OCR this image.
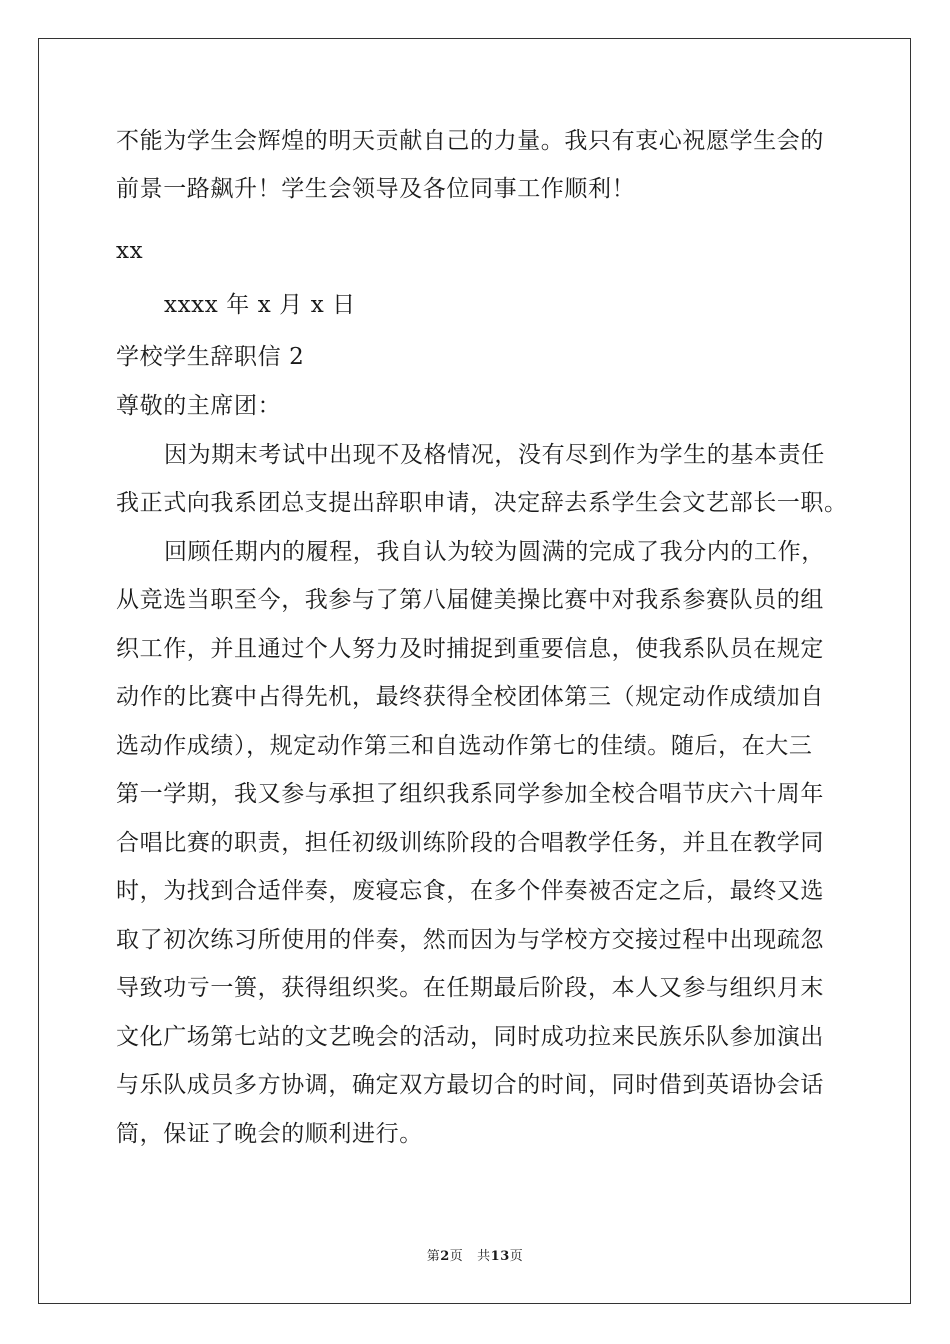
不能为学生会辉煌的明天贡献自己的力量。我只有衷心祝愿学生会的
前景一路飙升！学生会领导及各位同事工作顺利！
xx
xxxx 年 x 月 x 日
学校学生辞职信 2
尊敬的主席团：
因为期末考试中出现不及格情况，没有尽到作为学生的基本责任
我正式向我系团总支提出辞职申请，决定辞去系学生会文艺部长一职。
回顾任期内的履程，我自认为较为圆满的完成了我分内的工作，
从竞选当职至今，我参与了第八届健美操比赛中对我系参赛队员的组
织工作，并且通过个人努力及时捕捉到重要信息，使我系队员在规定
动作的比赛中占得先机，最终获得全校团体第三（规定动作成绩加自
选动作成绩），规定动作第三和自选动作第七的佳绩。随后，在大三
第一学期，我又参与承担了组织我系同学参加全校合唱节庆六十周年
合唱比赛的职责，担任初级训练阶段的合唱教学任务，并且在教学同
时，为找到合适伴奏，废寝忘食，在多个伴奏被否定之后，最终又选
取了初次练习所使用的伴奏，然而因为与学校方交接过程中出现疏忽
导致功亏一篑，获得组织奖。在任期最后阶段，本人又参与组织月末
文化广场第七站的文艺晚会的活动，同时成功拉来民族乐队参加演出
与乐队成员多方协调，确定双方最切合的时间，同时借到英语协会话
筒，保证了晚会的顺利进行。
第2页   共13页
